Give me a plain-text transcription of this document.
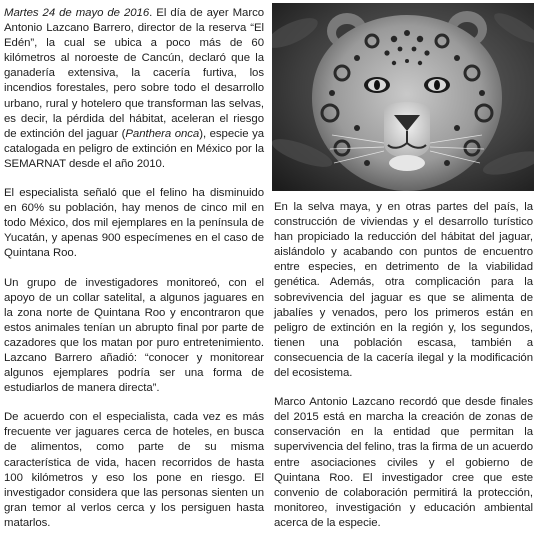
Martes 24 de mayo de 2016. El día de ayer Marco Antonio Lazcano Barrero, director de la reserva “El Edén”, la cual se ubica a poco más de 60 kilómetros al noroeste de Cancún, declaró que la ganadería extensiva, la cacería furtiva, los incendios forestales, pero sobre todo el desarrollo urbano, rural y hotelero que transforman las selvas, es decir, la pérdida del hábitat, aceleran el riesgo de extinción del jaguar (Panthera onca), especie ya catalogada en peligro de extinción en México por la SEMARNAT desde el año 2010.

El especialista señaló que el felino ha disminuido en 60% su población, hay menos de cinco mil en todo México, dos mil ejemplares en la península de Yucatán, y apenas 900 especímenes en el caso de Quintana Roo.

Un grupo de investigadores monitoreó, con el apoyo de un collar satelital, a algunos jaguares en la zona norte de Quintana Roo y encontraron que estos animales tenían un abrupto final por parte de cazadores que los matan por puro entretenimiento. Lazcano Barrero añadió: “conocer y monitorear algunos ejemplares podría ser una forma de estudiarlos de manera directa”.

De acuerdo con el especialista, cada vez es más frecuente ver jaguares cerca de hoteles, en busca de alimentos, como parte de su misma característica de vida, hacen recorridos de hasta 100 kilómetros y eso los pone en riesgo. El investigador considera que las personas sienten un gran temor al verlos cerca y los persiguen hasta matarlos.

En la selva maya, y en otras partes del país, la construcción de viviendas y el desarrollo turístico han propiciado la reducción del hábitat del jaguar, aislándolo y acabando con puntos de encuentro entre especies, en detrimento de la viabilidad genética. Además, otra complicación para la sobrevivencia del jaguar es que se alimenta de jabalíes y venados, pero los primeros están en peligro de extinción en la región y, los segundos, tienen una población escasa, también a consecuencia de la cacería ilegal y la modificación del ecosistema.

Marco Antonio Lazcano recordó que desde finales del 2015 está en marcha la creación de zonas de conservación en la entidad que permitan la supervivencia del felino, tras la firma de un acuerdo entre asociaciones civiles y el gobierno de Quintana Roo. El investigador cree que este convenio de colaboración permitirá la protección, monitoreo, investigación y educación ambiental acerca de la especie.
